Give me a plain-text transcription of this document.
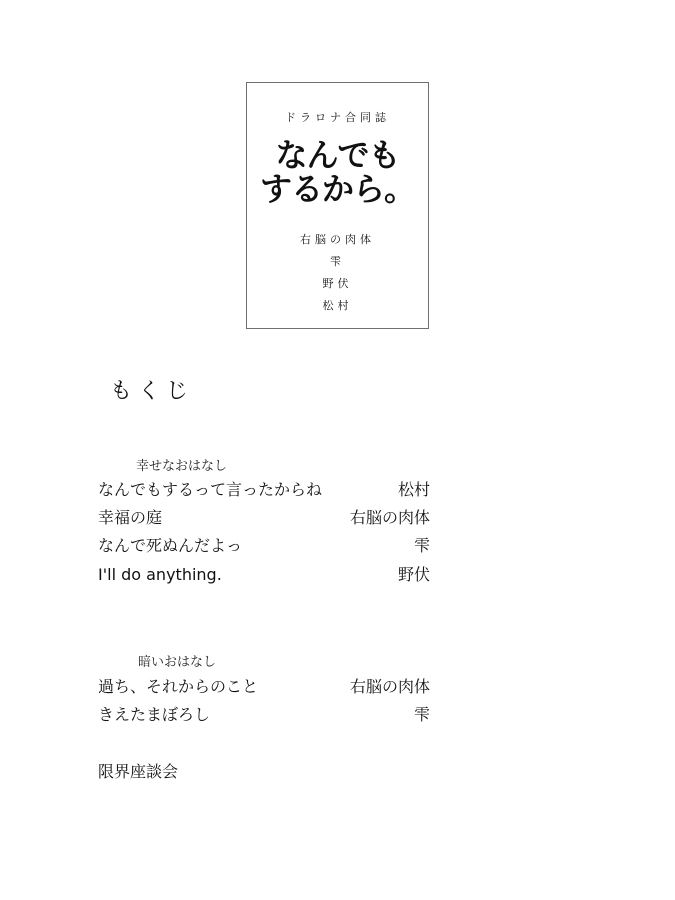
ドラロナ合同誌
なんでも
するから。
右脳の肉体
雫
野伏
松村
もくじ
幸せなおはなし
なんでもするって言ったからね	松村
幸福の庭	右脳の肉体
なんで死ぬんだよっ	雫
I'll do anything.	野伏
暗いおはなし
過ち、それからのこと	右脳の肉体
きえたまぼろし	雫
限界座談会
